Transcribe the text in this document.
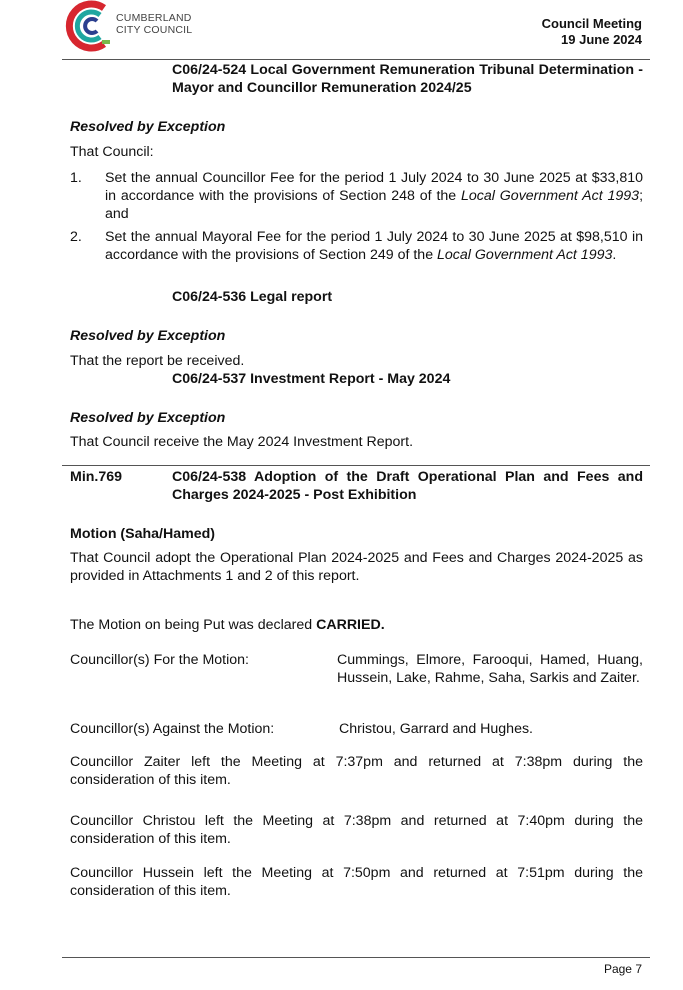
CUMBERLAND
CITY COUNCIL	Council Meeting
19 June 2024
C06/24-524 Local Government Remuneration Tribunal Determination - Mayor and Councillor Remuneration 2024/25
Resolved by Exception
That Council:
1.	Set the annual Councillor Fee for the period 1 July 2024 to 30 June 2025 at $33,810 in accordance with the provisions of Section 248 of the Local Government Act 1993; and
2.	Set the annual Mayoral Fee for the period 1 July 2024 to 30 June 2025 at $98,510 in accordance with the provisions of Section 249 of the Local Government Act 1993.
C06/24-536 Legal report
Resolved by Exception
That the report be received.
C06/24-537 Investment Report - May 2024
Resolved by Exception
That Council receive the May 2024 Investment Report.
Min.769	C06/24-538 Adoption of the Draft Operational Plan and Fees and Charges 2024-2025 - Post Exhibition
Motion (Saha/Hamed)
That Council adopt the Operational Plan 2024-2025 and Fees and Charges 2024-2025 as provided in Attachments 1 and 2 of this report.
The Motion on being Put was declared CARRIED.
Councillor(s) For the Motion:	Cummings, Elmore, Farooqui, Hamed, Huang, Hussein, Lake, Rahme, Saha, Sarkis and Zaiter.
Councillor(s) Against the Motion:	Christou, Garrard and Hughes.
Councillor Zaiter left the Meeting at 7:37pm and returned at 7:38pm during the consideration of this item.
Councillor Christou left the Meeting at 7:38pm and returned at 7:40pm during the consideration of this item.
Councillor Hussein left the Meeting at 7:50pm and returned at 7:51pm during the consideration of this item.
Page 7
